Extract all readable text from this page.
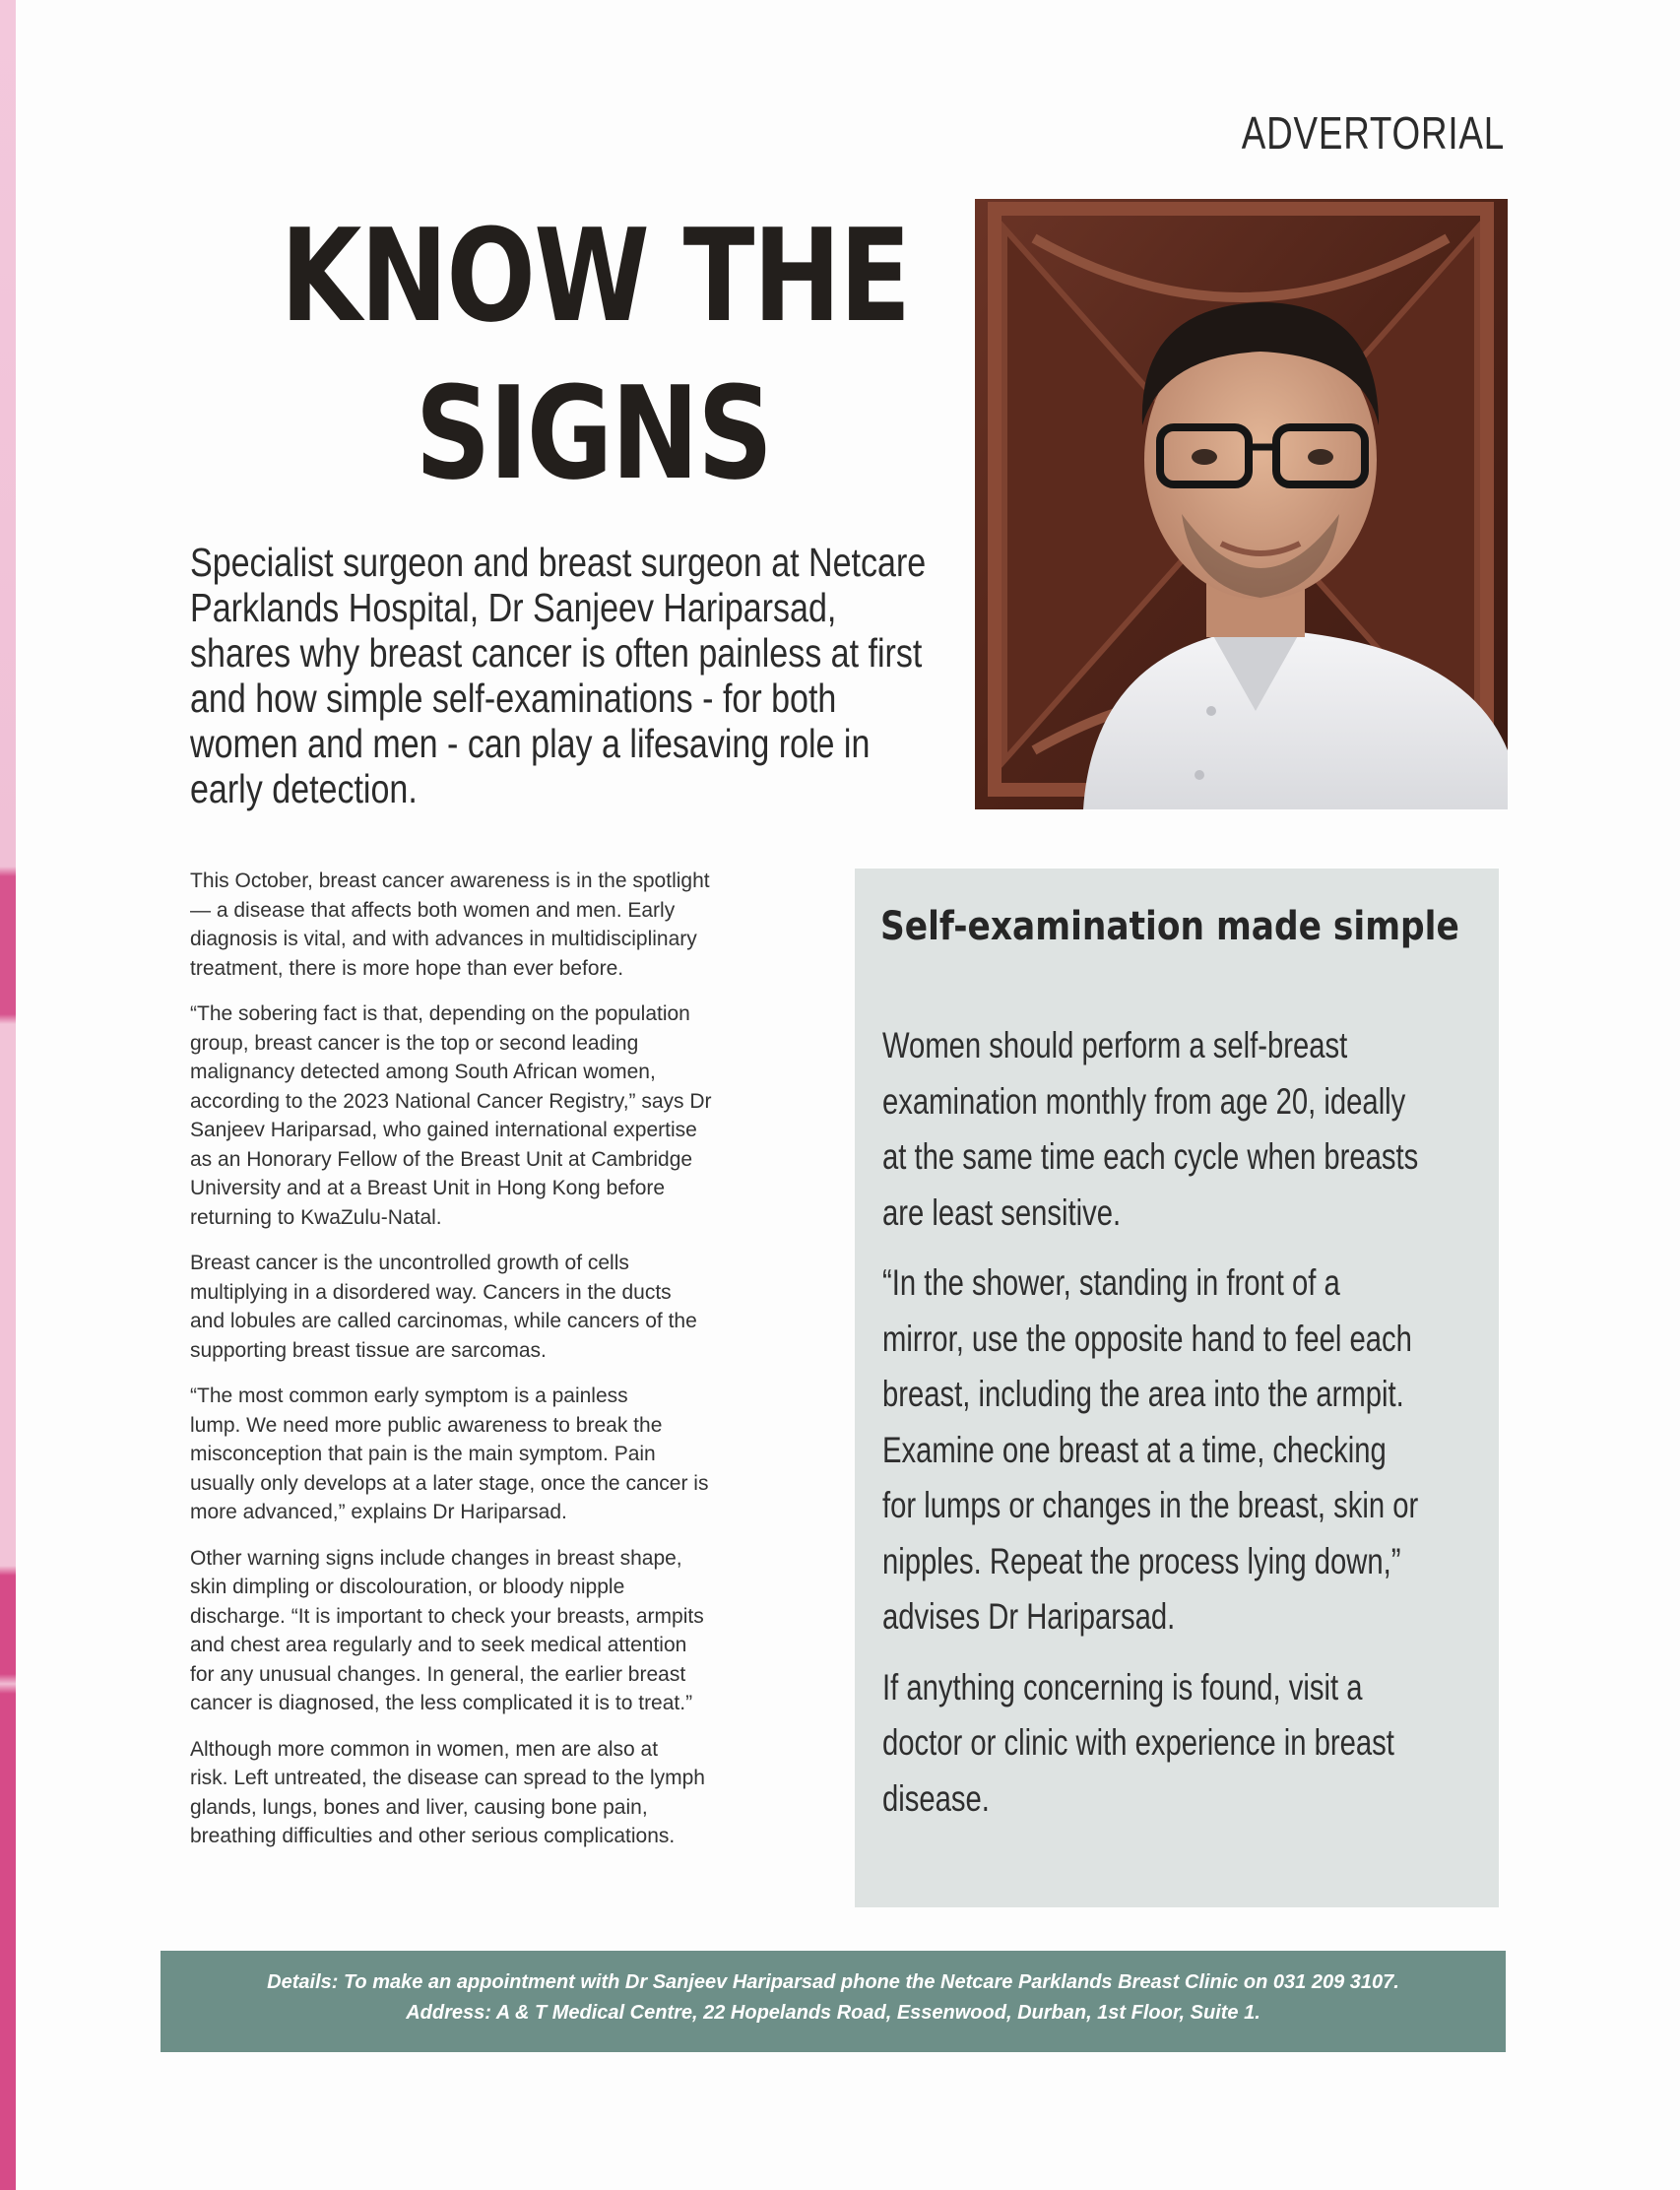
ADVERTORIAL
KNOW THE
SIGNS
Specialist surgeon and breast surgeon at Netcare
Parklands Hospital, Dr Sanjeev Hariparsad,
shares why breast cancer is often painless at first
and how simple self-examinations - for both
women and men - can play a lifesaving role in
early detection.

This October, breast cancer awareness is in the spotlight
— a disease that affects both women and men. Early
diagnosis is vital, and with advances in multidisciplinary
treatment, there is more hope than ever before.

“The sobering fact is that, depending on the population
group, breast cancer is the top or second leading
malignancy detected among South African women,
according to the 2023 National Cancer Registry,” says Dr
Sanjeev Hariparsad, who gained international expertise
as an Honorary Fellow of the Breast Unit at Cambridge
University and at a Breast Unit in Hong Kong before
returning to KwaZulu-Natal.

Breast cancer is the uncontrolled growth of cells
multiplying in a disordered way. Cancers in the ducts
and lobules are called carcinomas, while cancers of the
supporting breast tissue are sarcomas.

“The most common early symptom is a painless
lump. We need more public awareness to break the
misconception that pain is the main symptom. Pain
usually only develops at a later stage, once the cancer is
more advanced,” explains Dr Hariparsad.

Other warning signs include changes in breast shape,
skin dimpling or discolouration, or bloody nipple
discharge. “It is important to check your breasts, armpits
and chest area regularly and to seek medical attention
for any unusual changes. In general, the earlier breast
cancer is diagnosed, the less complicated it is to treat.”

Although more common in women, men are also at
risk. Left untreated, the disease can spread to the lymph
glands, lungs, bones and liver, causing bone pain,
breathing difficulties and other serious complications.

Self-examination made simple

Women should perform a self-breast
examination monthly from age 20, ideally
at the same time each cycle when breasts
are least sensitive.

“In the shower, standing in front of a
mirror, use the opposite hand to feel each
breast, including the area into the armpit.
Examine one breast at a time, checking
for lumps or changes in the breast, skin or
nipples. Repeat the process lying down,”
advises Dr Hariparsad.

If anything concerning is found, visit a
doctor or clinic with experience in breast
disease.

Details: To make an appointment with Dr Sanjeev Hariparsad phone the Netcare Parklands Breast Clinic on 031 209 3107.
Address: A & T Medical Centre, 22 Hopelands Road, Essenwood, Durban, 1st Floor, Suite 1.
